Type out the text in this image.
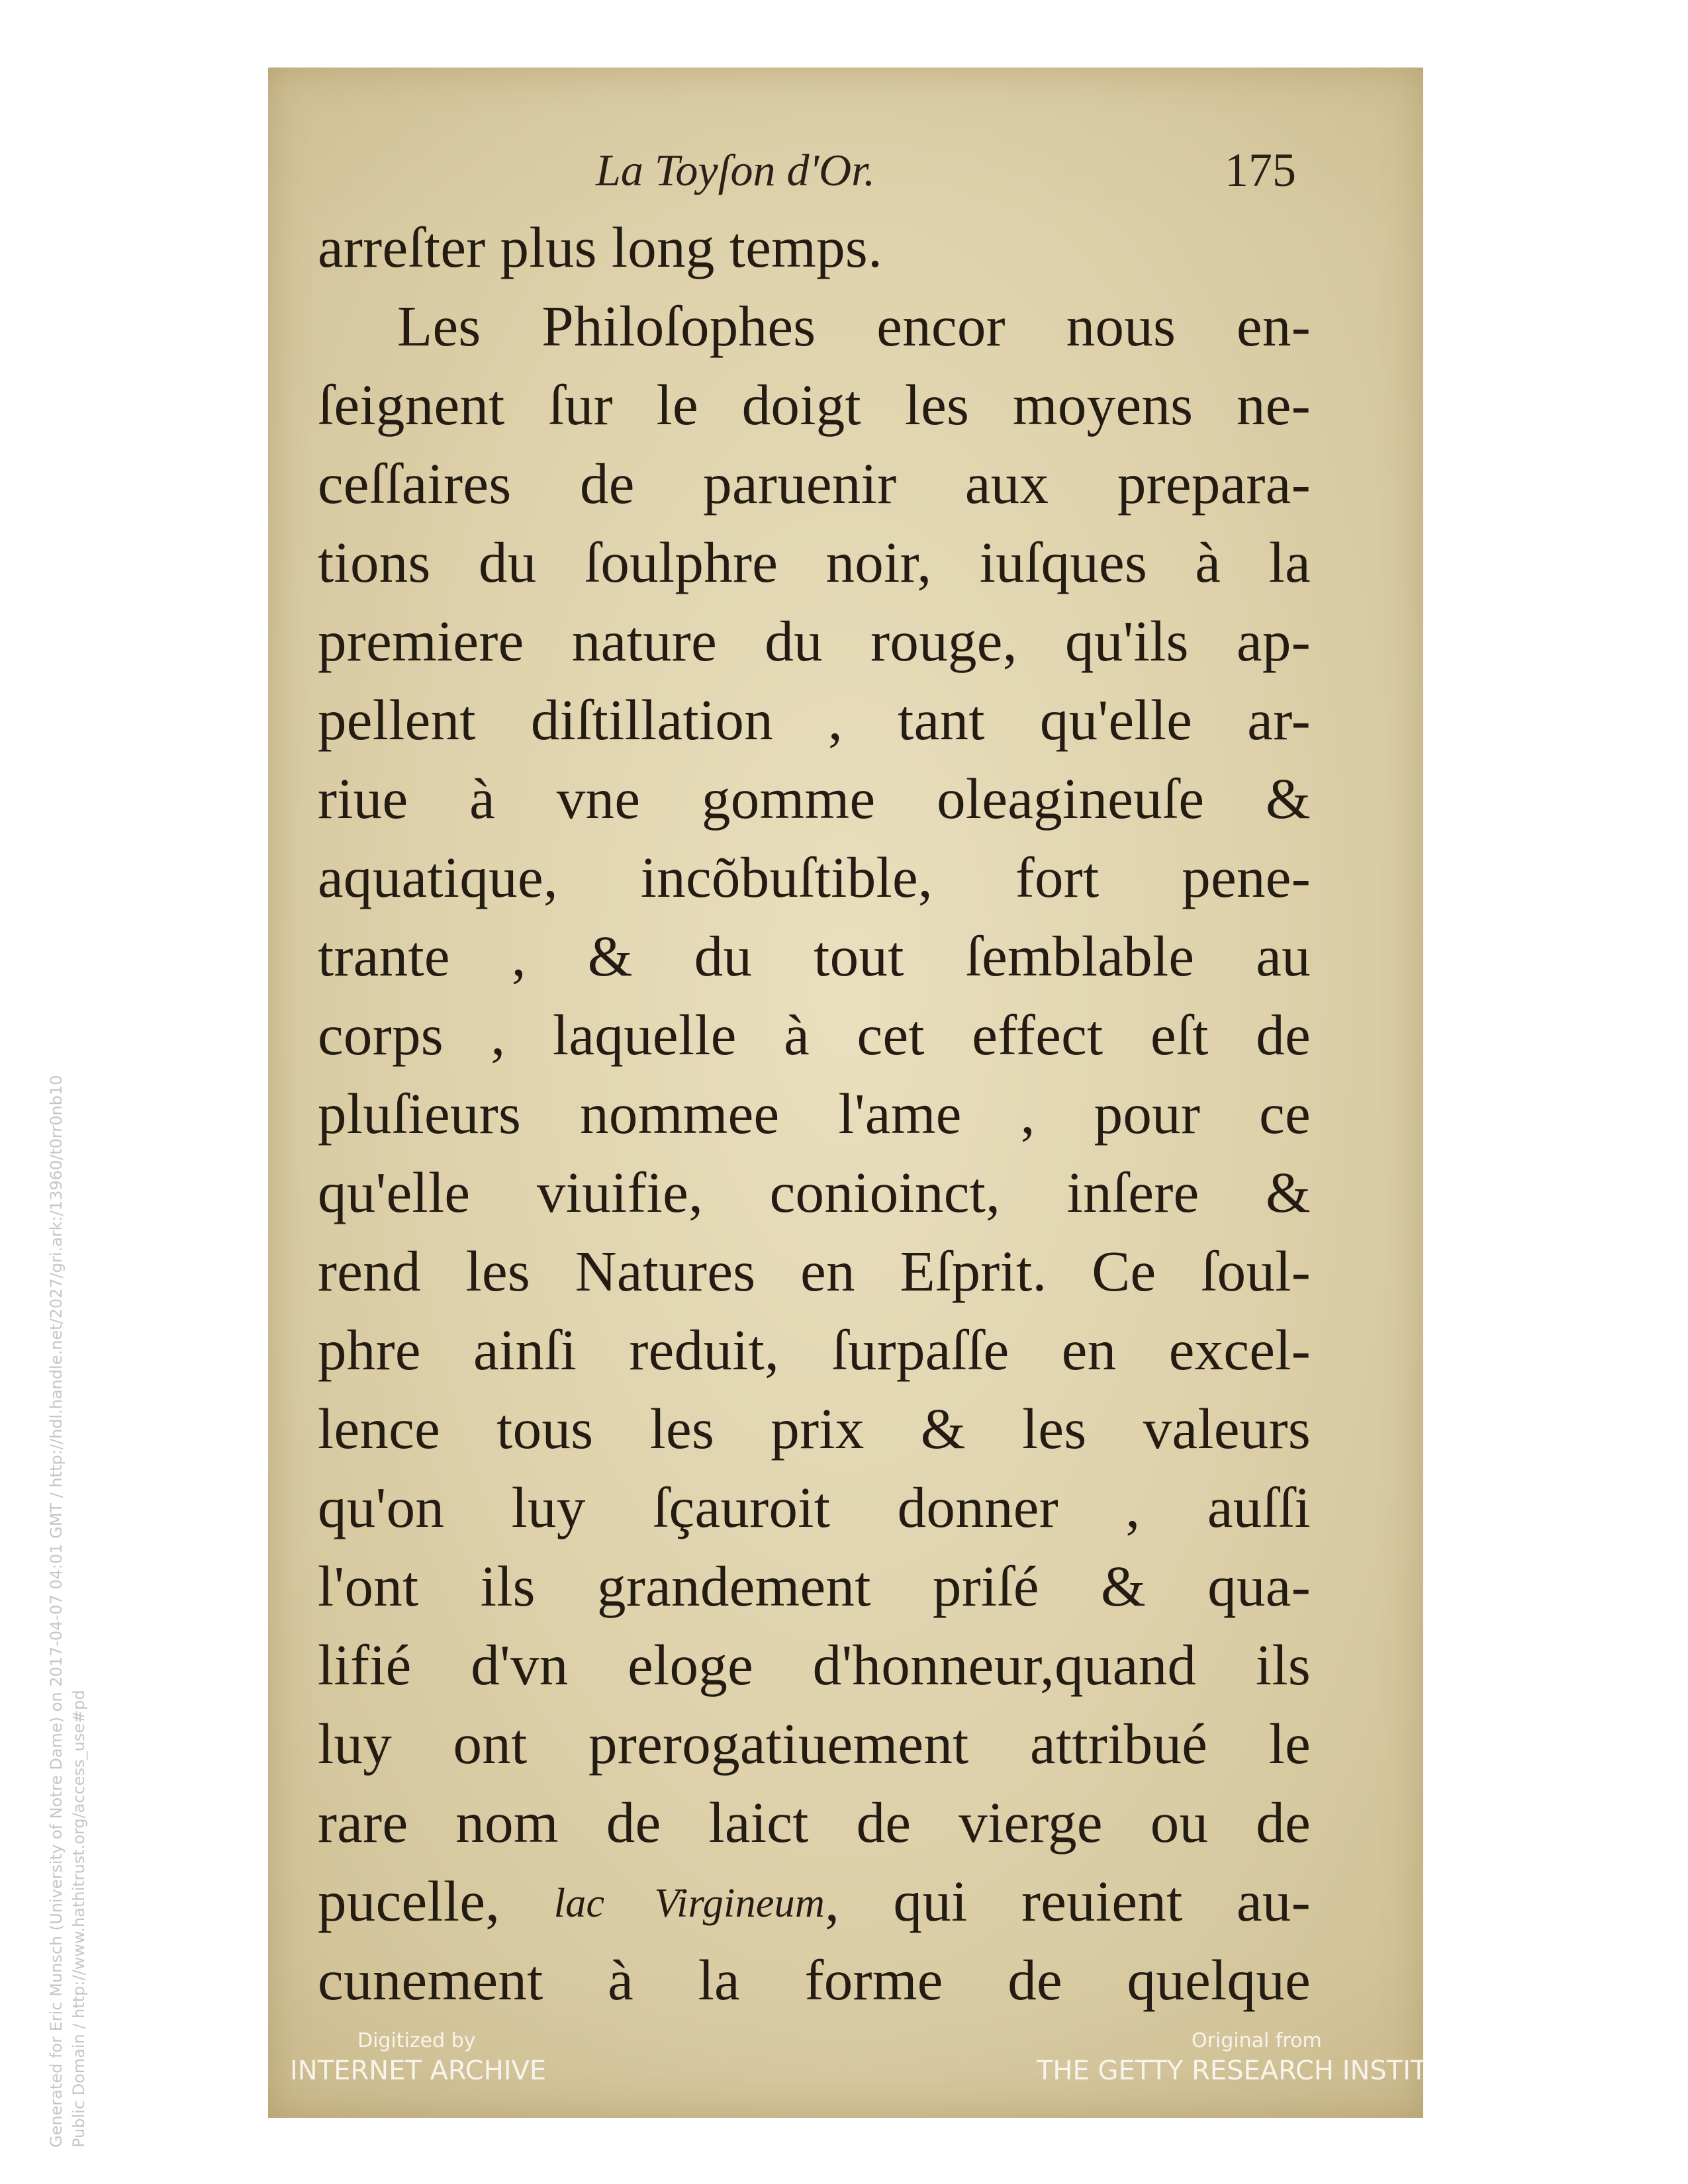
Generated for Eric Munsch (University of Notre Dame) on 2017-04-07 04:01 GMT / http://hdl.handle.net/2027/gri.ark:/13960/t0rr0nb10 Public Domain / http://www.hathitrust.org/access_use#pd
La Toyſon d'Or.	175
arreſter plus long temps.
Les Philoſophes encor nous en-
ſeignent ſur le doigt les moyens ne-
ceſſaires de paruenir aux prepara-
tions du ſoulphre noir, iuſques à la
premiere nature du rouge, qu'ils ap-
pellent diſtillation , tant qu'elle ar-
riue à vne gomme oleagineuſe &
aquatique, incõbuſtible, fort pene-
trante , & du tout ſemblable au
corps , laquelle à cet effect eſt de
pluſieurs nommee l'ame , pour ce
qu'elle viuifie, conioinct, inſere &
rend les Natures en Eſprit. Ce ſoul-
phre ainſi reduit, ſurpaſſe en excel-
lence tous les prix & les valeurs
qu'on luy ſçauroit donner , auſſi
l'ont ils grandement priſé & qua-
lifié d'vn eloge d'honneur,quand ils
luy ont prerogatiuement attribué le
rare nom de laict de vierge ou de
pucelle, lac Virgineum, qui reuient au-
cunement à la forme de quelque
Digitized by
INTERNET ARCHIVE
Original from
THE GETTY RESEARCH INSTITUTE
